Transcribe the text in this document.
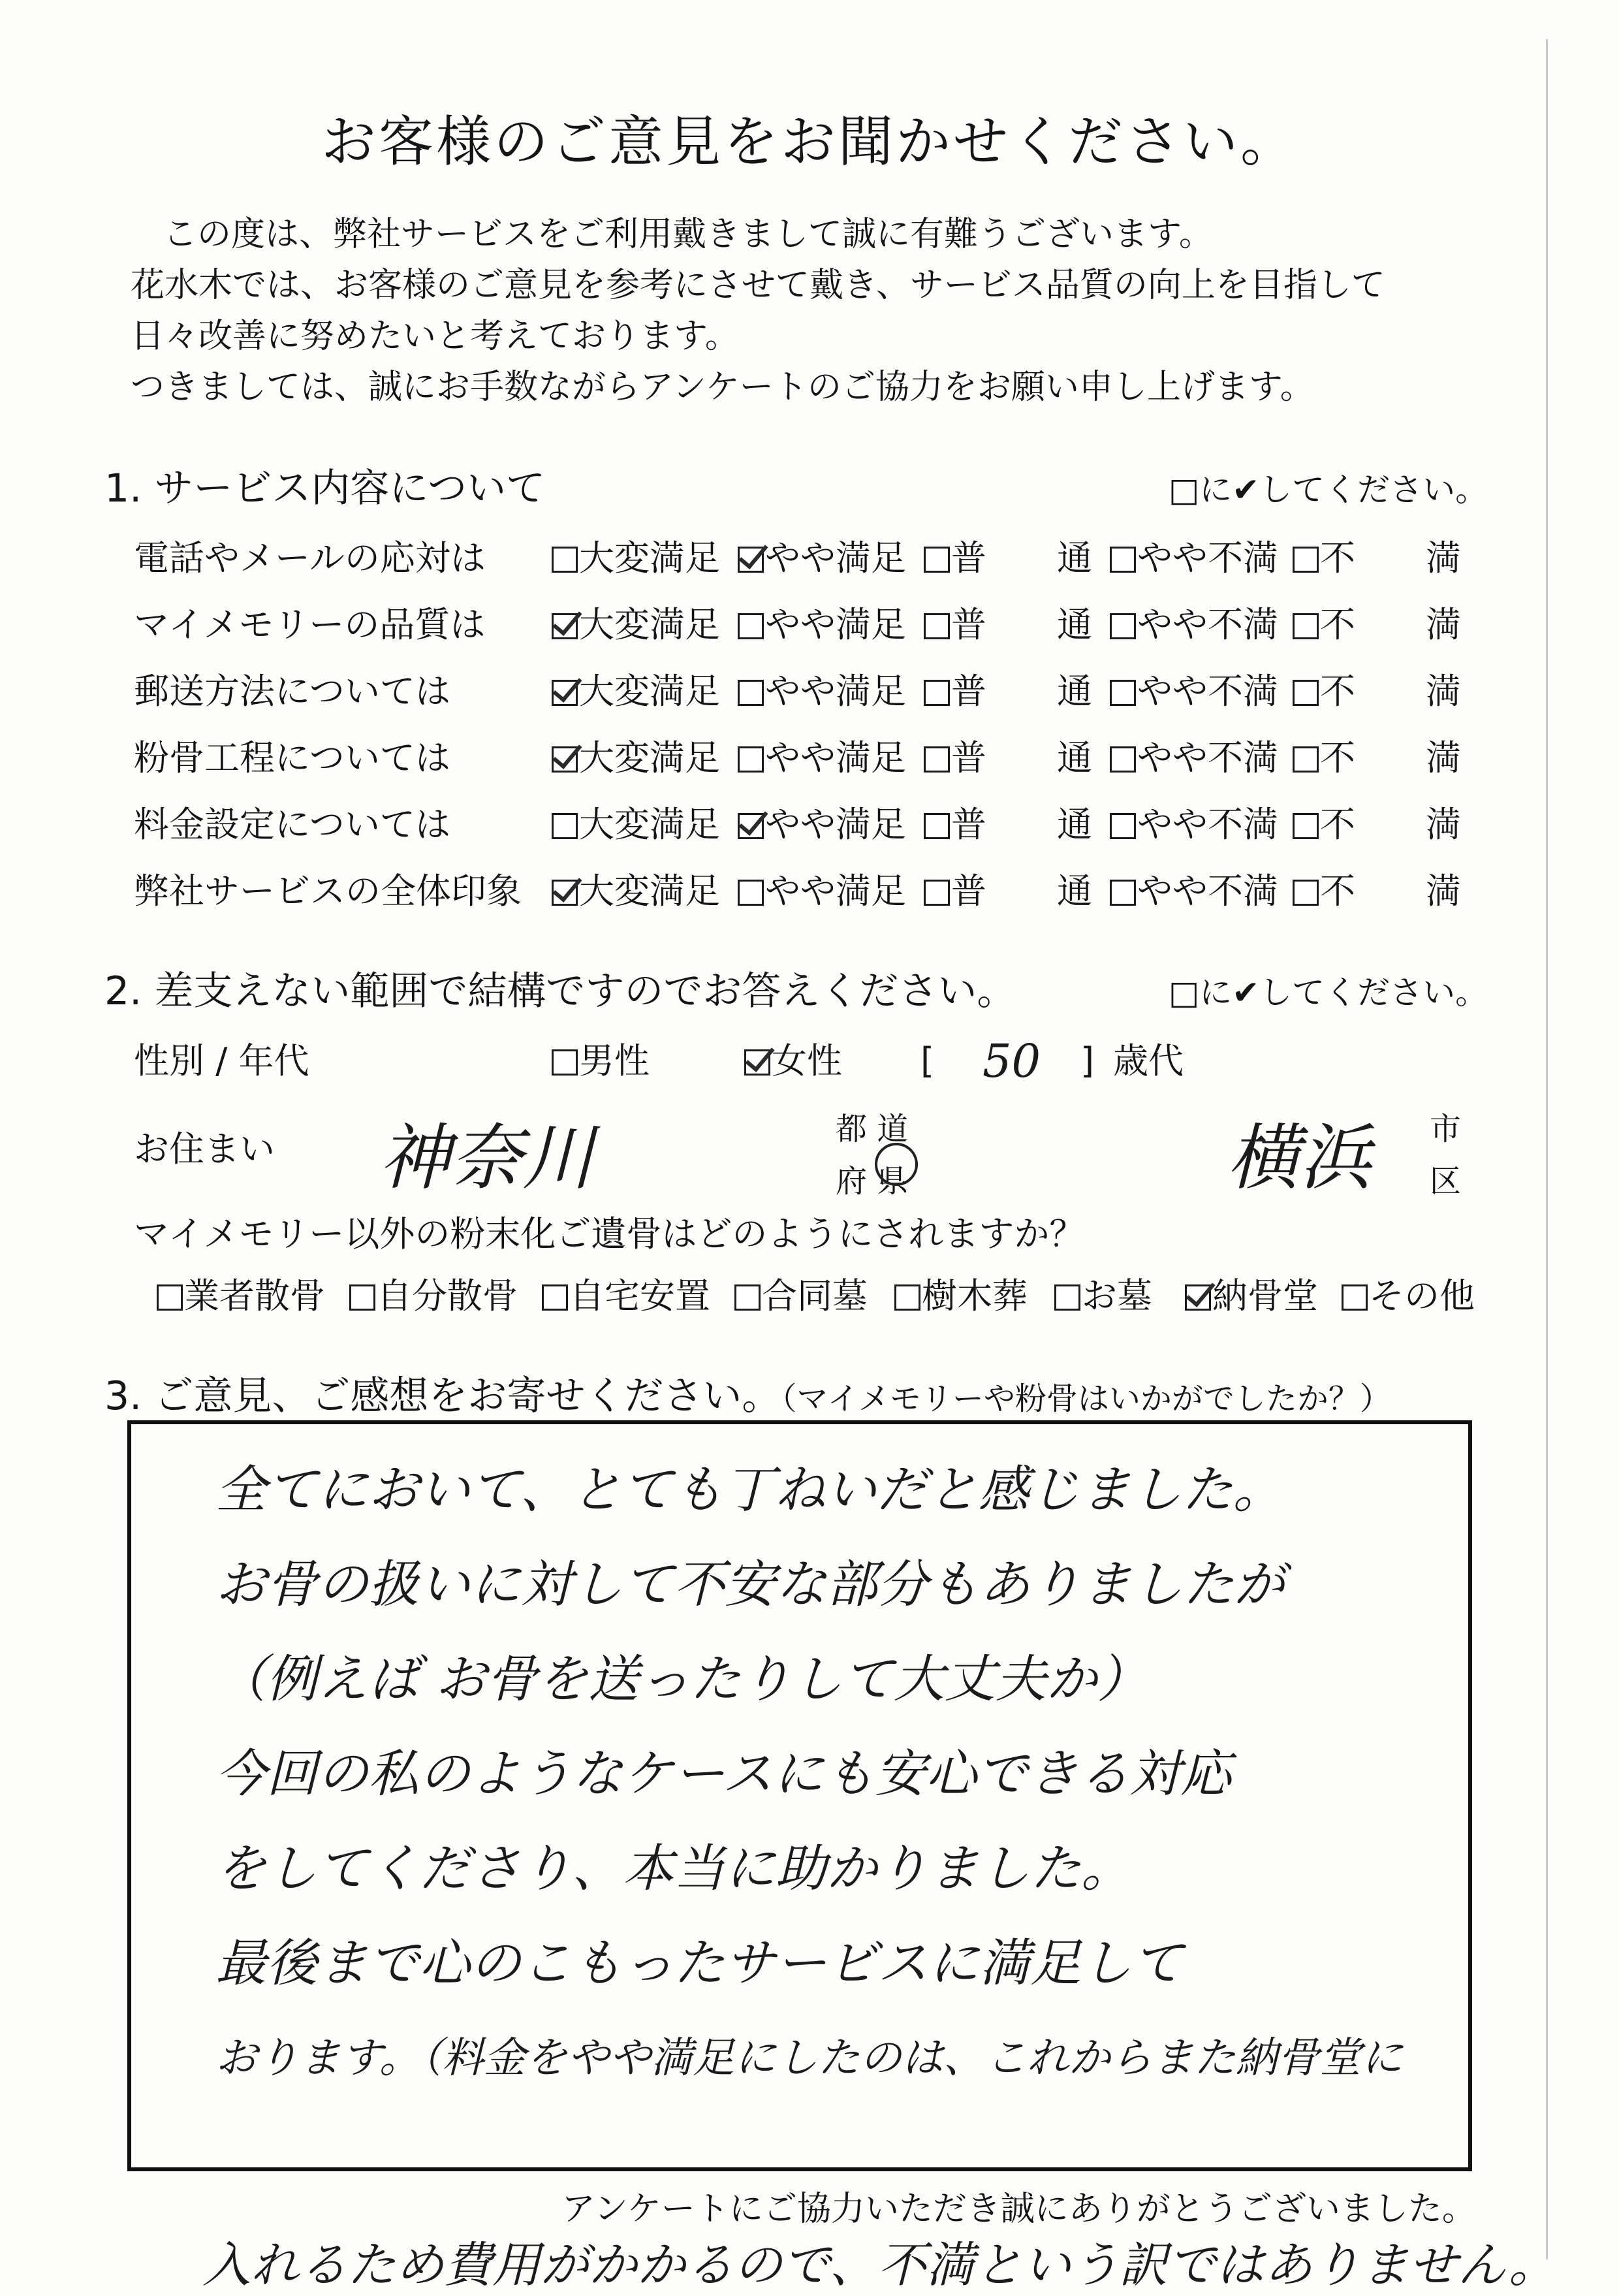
お客様のご意見をお聞かせください。
この度は、弊社サービスをご利用戴きまして誠に有難うございます。
花水木では、お客様のご意見を参考にさせて戴き、サービス品質の向上を目指して
日々改善に努めたいと考えております。
つきましては、誠にお手数ながらアンケートのご協力をお願い申し上げます。
1. サービス内容について	□に✔してください。
電話やメールの応対は	大変満足	やや満足	普　　通	やや不満	不　　満
マイメモリーの品質は	大変満足	やや満足	普　　通	やや不満	不　　満
郵送方法については	大変満足	やや満足	普　　通	やや不満	不　　満
粉骨工程については	大変満足	やや満足	普　　通	やや不満	不　　満
料金設定については	大変満足	やや満足	普　　通	やや不満	不　　満
弊社サービスの全体印象	大変満足	やや満足	普　　通	やや不満	不　　満
2. 差支えない範囲で結構ですのでお答えください。	□に✔してください。
性別 / 年代	男性	女性 [ 50 ] 歳代
お住まい 神奈川	都 道
府 県	横浜 市
区
マイメモリー以外の粉末化ご遺骨はどのようにされますか？
業者散骨	自分散骨	自宅安置	合同墓	樹木葬	お墓	納骨堂	その他
3. ご意見、ご感想をお寄せください。（マイメモリーや粉骨はいかがでしたか？）
全てにおいて、とても丁ねいだと感じました。
お骨の扱いに対して不安な部分もありましたが
（例えば お骨を送ったりして大丈夫か）
今回の私のようなケースにも安心できる対応
をしてくださり、本当に助かりました。
最後まで心のこもったサービスに満足して
おります。（料金をやや満足にしたのは、これからまた納骨堂に
アンケートにご協力いただき誠にありがとうございました。
入れるため費用がかかるので、不満という訳ではありません。
